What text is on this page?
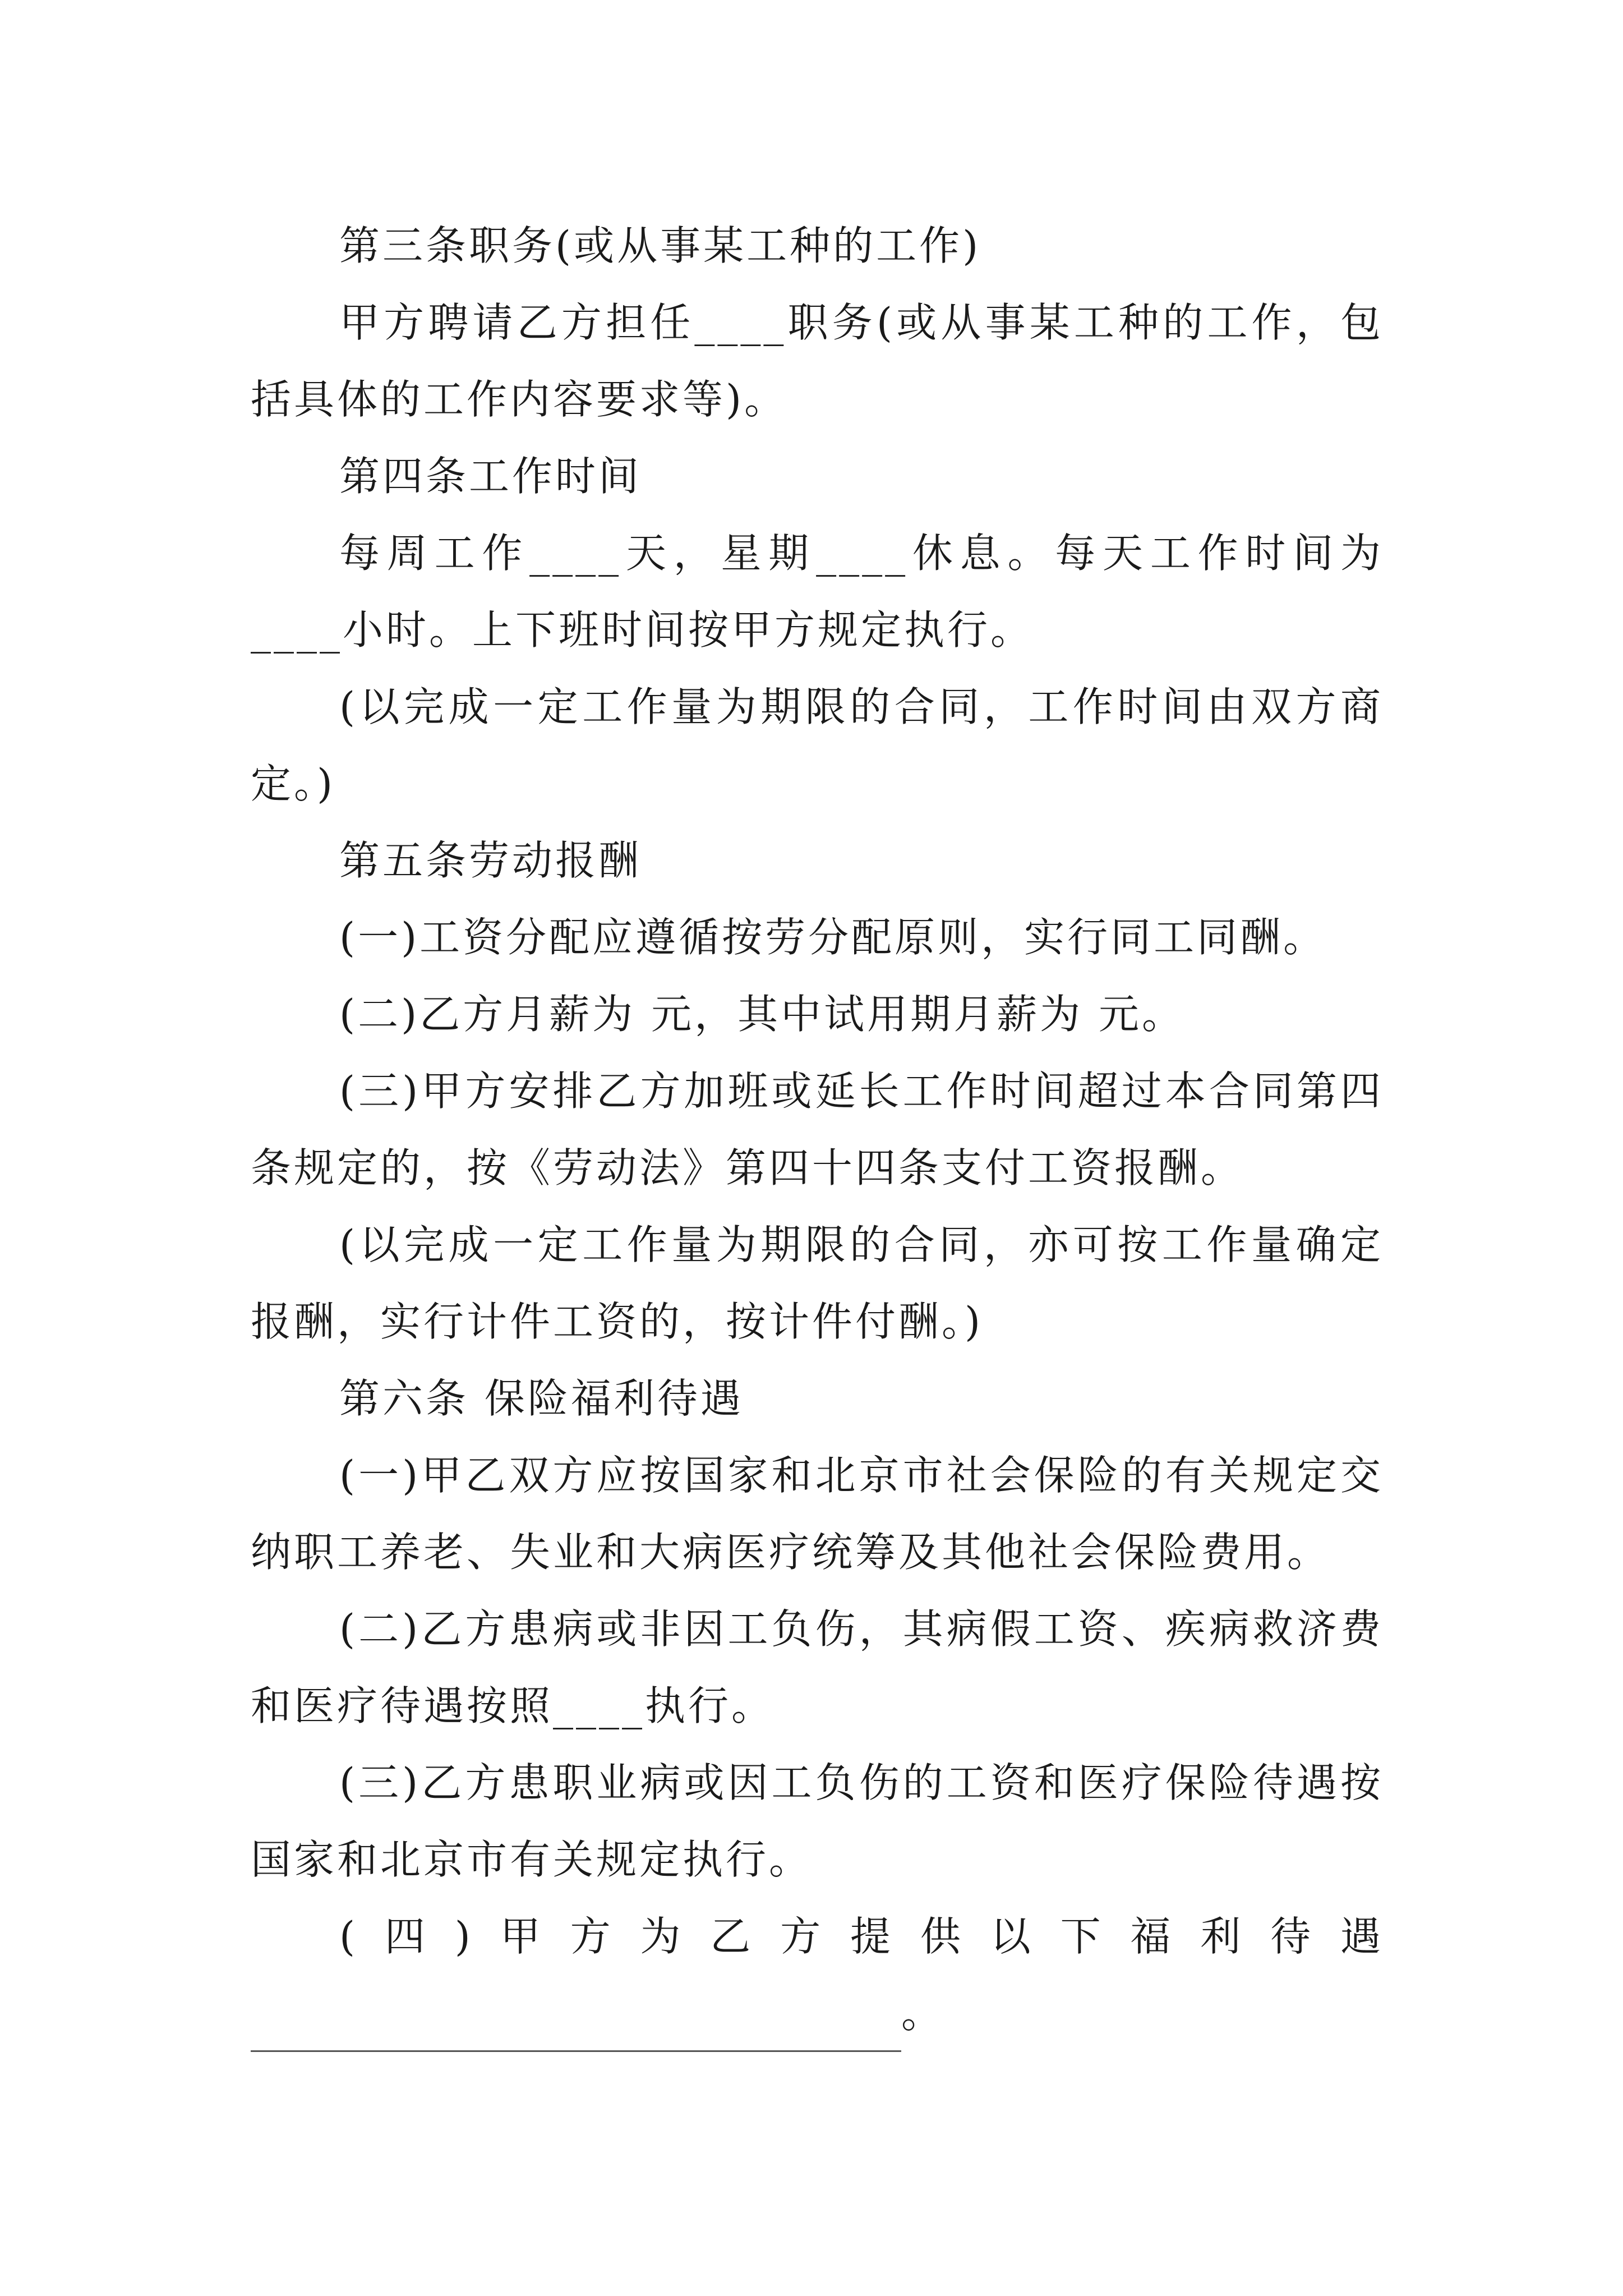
第三条职务(或从事某工种的工作)

甲方聘请乙方担任____职务(或从事某工种的工作，包括具体的工作内容要求等)。

第四条工作时间

每周工作____天，星期____休息。每天工作时间为____小时。上下班时间按甲方规定执行。

(以完成一定工作量为期限的合同，工作时间由双方商定。)

第五条劳动报酬

(一)工资分配应遵循按劳分配原则，实行同工同酬。

(二)乙方月薪为 元，其中试用期月薪为 元。

(三)甲方安排乙方加班或延长工作时间超过本合同第四条规定的，按《劳动法》第四十四条支付工资报酬。

(以完成一定工作量为期限的合同，亦可按工作量确定报酬，实行计件工资的，按计件付酬。)

第六条 保险福利待遇

(一)甲乙双方应按国家和北京市社会保险的有关规定交纳职工养老、失业和大病医疗统筹及其他社会保险费用。

(二)乙方患病或非因工负伤，其病假工资、疾病救济费和医疗待遇按照____执行。

(三)乙方患职业病或因工负伤的工资和医疗保险待遇按国家和北京市有关规定执行。

(四)甲方为乙方提供以下福利待遇

。
